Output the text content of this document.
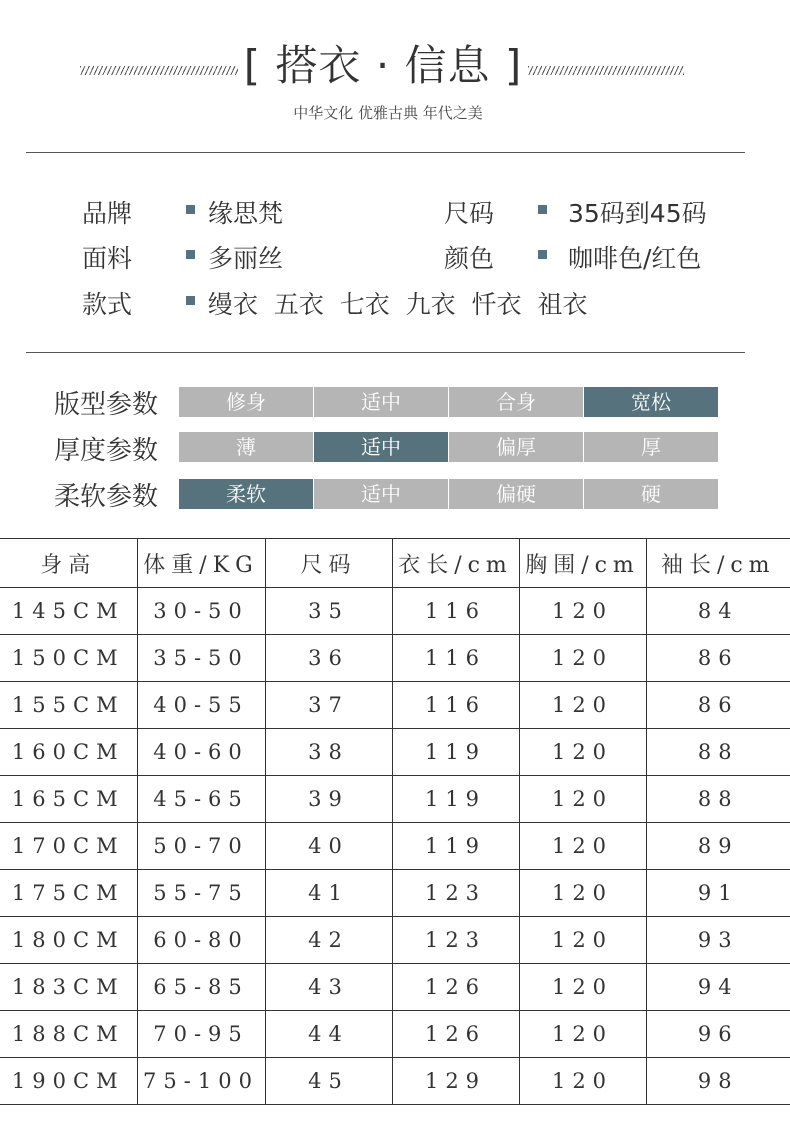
[ 搭衣 · 信息 ]
中华文化 优雅古典 年代之美
品牌	缘思梵	尺码	35码到45码
面料	多丽丝	颜色	咖啡色/红色
款式	缦衣  五衣  七衣  九衣  忏衣  祖衣
版型参数	修身	适中	合身	宽松
厚度参数	薄	适中	偏厚	厚
柔软参数	柔软	适中	偏硬	硬
身高	体重/KG	尺码	衣长/cm	胸围/cm	袖长/cm
145CM	30-50	35	116	120	84
150CM	35-50	36	116	120	86
155CM	40-55	37	116	120	86
160CM	40-60	38	119	120	88
165CM	45-65	39	119	120	88
170CM	50-70	40	119	120	89
175CM	55-75	41	123	120	91
180CM	60-80	42	123	120	93
183CM	65-85	43	126	120	94
188CM	70-95	44	126	120	96
190CM	75-100	45	129	120	98
